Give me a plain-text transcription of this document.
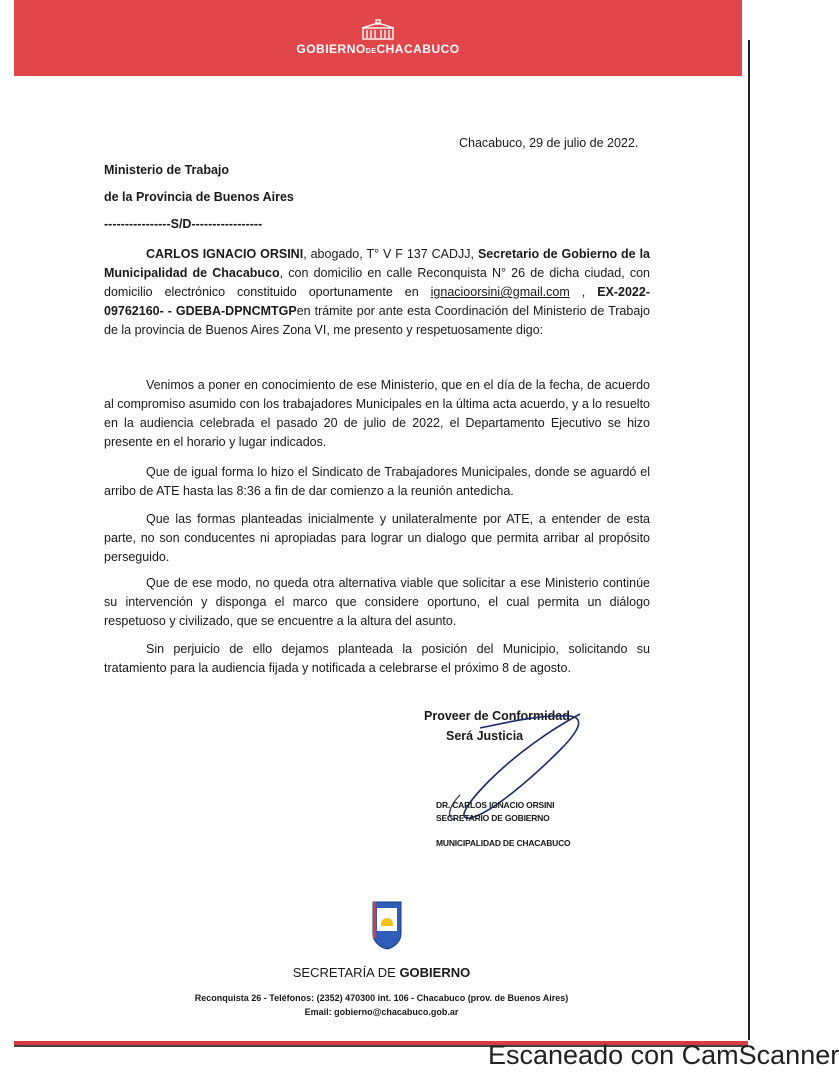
GOBIERNODECHACABUCO
Chacabuco, 29 de julio de 2022.
Ministerio de Trabajo
de la Provincia de Buenos Aires
----------------S/D-----------------
CARLOS IGNACIO ORSINI, abogado, T° V F 137 CADJJ, Secretario de Gobierno de la Municipalidad de Chacabuco, con domicilio en calle Reconquista N° 26 de dicha ciudad, con domicilio electrónico constituido oportunamente en ignacioorsini@gmail.com , EX-2022-09762160- - GDEBA-DPNCMTGPen trámite por ante esta Coordinación del Ministerio de Trabajo de la provincia de Buenos Aires Zona VI, me presento y respetuosamente digo:
Venimos a poner en conocimiento de ese Ministerio, que en el día de la fecha, de acuerdo al compromiso asumido con los trabajadores Municipales en la última acta acuerdo, y a lo resuelto en la audiencia celebrada el pasado 20 de julio de 2022, el Departamento Ejecutivo se hizo presente en el horario y lugar indicados.
Que de igual forma lo hizo el Sindicato de Trabajadores Municipales, donde se aguardó el arribo de ATE hasta las 8:36 a fin de dar comienzo a la reunión antedicha.
Que las formas planteadas inicialmente y unilateralmente por ATE, a entender de esta parte, no son conducentes ni apropiadas para lograr un dialogo que permita arribar al propósito perseguido.
Que de ese modo, no queda otra alternativa viable que solicitar a ese Ministerio continúe su intervención y disponga el marco que considere oportuno, el cual permita un diálogo respetuoso y civilizado, que se encuentre a la altura del asunto.
Sin perjuicio de ello dejamos planteada la posición del Municipio, solicitando su tratamiento para la audiencia fijada y notificada a celebrarse el próximo 8 de agosto.
Proveer de Conformidad
Será Justicia
DR. CARLOS IGNACIO ORSINI
SECRETARIO DE GOBIERNO
MUNICIPALIDAD DE CHACABUCO
SECRETARÍA DE GOBIERNO
Reconquista 26 - Teléfonos: (2352) 470300 int. 106 - Chacabuco (prov. de Buenos Aires)
Email: gobierno@chacabuco.gob.ar
Escaneado con CamScanner
